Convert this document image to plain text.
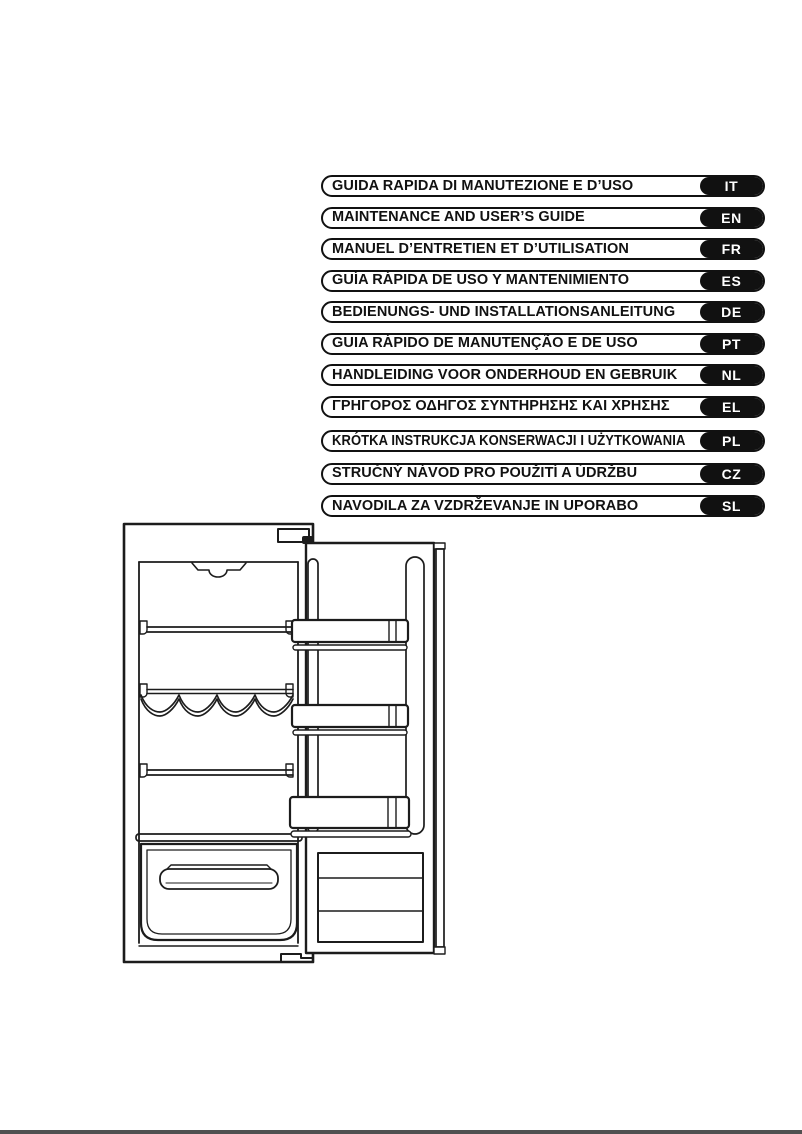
GUIDA RAPIDA DI MANUTEZIONE E D’USO	IT
MAINTENANCE AND USER’S GUIDE	EN
MANUEL D’ENTRETIEN ET D’UTILISATION	FR
GUÍA RÁPIDA DE USO Y MANTENIMIENTO	ES
BEDIENUNGS- UND INSTALLATIONSANLEITUNG	DE
GUIA RÁPIDO DE MANUTENÇÃO E DE USO	PT
HANDLEIDING VOOR ONDERHOUD EN GEBRUIK	NL
ΓΡΗΓΟΡΟΣ ΟΔΗΓΟΣ ΣΥΝΤΗΡΗΣΗΣ ΚΑΙ ΧΡΗΣΗΣ	EL
KRÓTKA INSTRUKCJA KONSERWACJI I UŻYTKOWANIA	PL
STRUČNÝ NÁVOD PRO POUŽITÍ A ÚDRŽBU	CZ
NAVODILA ZA VZDRŽEVANJE IN UPORABO	SL
